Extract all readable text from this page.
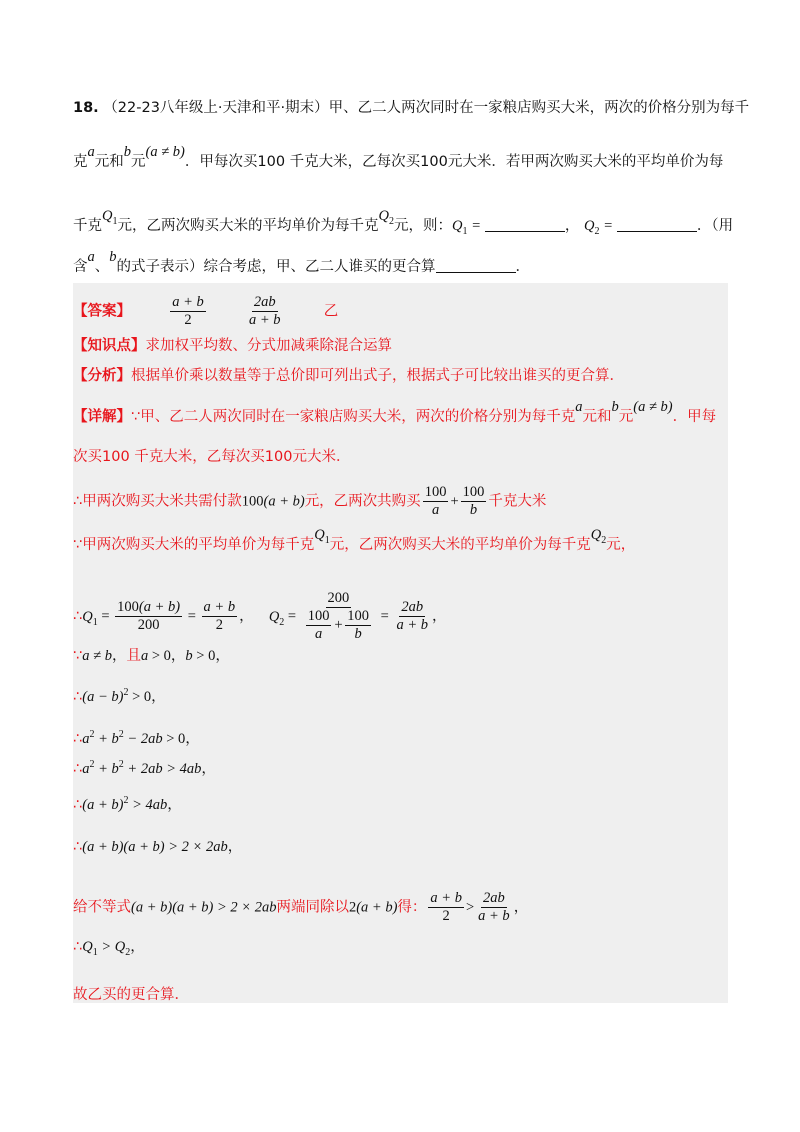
18. （22-23八年级上·天津和平·期末）甲、乙二人两次同时在一家粮店购买大米，两次的价格分别为每千
克a元和b元(a ≠ b)．甲每次买100 千克大米，乙每次买100元大米．若甲两次购买大米的平均单价为每
千克$Q_1$元，乙两次购买大米的平均单价为每千克$Q_2$元，则：$Q_1$ =	， $Q_2$ =	．（用
含a、b的式子表示）综合考虑，甲、乙二人谁买的更合算	．
【答案】	$\frac{a + b}{2}$
	$\frac{2ab}{a + b}$	乙
【知识点】求加权平均数、分式加减乘除混合运算
【分析】根据单价乘以数量等于总价即可列出式子，根据式子可比较出谁买的更合算．
【详解】∵甲、乙二人两次同时在一家粮店购买大米，两次的价格分别为每千克a元和b元(a ≠ b)．甲每
次买100 千克大米，乙每次买100元大米．
∴甲两次购买大米共需付款100(a + b)元，乙两次共购买 $\frac{100}{a} + \frac{100}{b}$ 千克大米
∵甲两次购买大米的平均单价为每千克$Q_1$元，乙两次购买大米的平均单价为每千克$Q_2$元，
$\therefore Q_1 = \frac{100(a + b)}{200} = \frac{a + b}{2}$ ， $Q_2 = \frac{200}{\frac{100}{a} + \frac{100}{b}} = \frac{2ab}{a + b}$ ，
∵a ≠ b，且a > 0，b > 0，
∴(a − b)$^2$ > 0，
$\therefore a^2 + b^2 - 2ab > 0$，
$\therefore a^2 + b^2 + 2ab > 4ab$，
∴(a + b)$^2$ > 4ab，
∴(a + b)(a + b) > 2 × 2ab，
给不等式(a + b)(a + b) > 2 × 2ab两端同除以2(a + b)得： $\frac{a + b}{2} > \frac{2ab}{a + b}$ ，
$\therefore Q_1 > Q_2$，
故乙买的更合算．
